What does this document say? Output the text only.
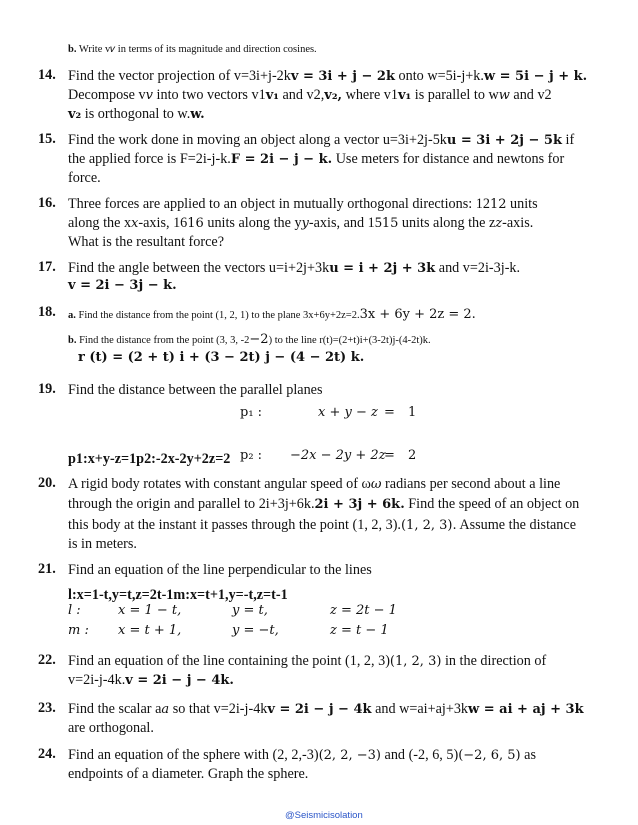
b. Write v𝑣 in terms of its magnitude and direction cosines.
14. Find the vector projection of v=3i+j-2kv = 3i + j − 2k onto w=5i-j+k.w = 5i − j + k.
Decompose vv into two vectors v1v₁ and v2,v₂, where v1v₁ is parallel to ww and v2
v₂ is orthogonal to w.w.
15. Find the work done in moving an object along a vector u=3i+2j-5ku = 3i + 2j − 5k if
the applied force is F=2i-j-k.F = 2i − j − k. Use meters for distance and newtons for
force.
16. Three forces are applied to an object in mutually orthogonal directions: 1212 units
along the xx-axis, 1616 units along the yy-axis, and 1515 units along the zz-axis.
What is the resultant force?
17. Find the angle between the vectors u=i+2j+3ku = i + 2j + 3k and v=2i-3j-k.
v = 2i − 3j − k.
18. a. Find the distance from the point (1, 2, 1) to the plane 3x+6y+2z=2.3x + 6y + 2z = 2.
b. Find the distance from the point (3, 3, -2−2) to the line r(t)=(2+t)i+(3-2t)j-(4-2t)k.
r (t) = (2 + t) i + (3 − 2t) j − (4 − 2t) k.
19. Find the distance between the parallel planes
p₁ :	x + y − z = 1
p1:x+y-z=1p2:-2x-2y+2z=2 p₂ : −2x − 2y + 2z
= 2
20. A rigid body rotates with constant angular speed of ωω radians per second about a line
through the origin and parallel to 2i+3j+6k.2i + 3j + 6k. Find the speed of an object on
this body at the instant it passes through the point (1, 2, 3).(1, 2, 3). Assume the distance
is in meters.
21. Find an equation of the line perpendicular to the lines
l:x=1-t,y=t,z=2t-1m:x=t+1,y=-t,z=t-1
l :	x = 1 − t,	y = t,	z = 2t − 1
m : x = t + 1,	y = −t,	z = t − 1
22. Find an equation of the line containing the point (1, 2, 3)(1, 2, 3) in the direction of
v=2i-j-4k.v = 2i − j − 4k.
23. Find the scalar aa so that v=2i-j-4kv = 2i − j − 4k and w=ai+aj+3kw = ai + aj + 3k
are orthogonal.
24. Find an equation of the sphere with (2, 2,-3)(2, 2, −3) and (-2, 6, 5)(−2, 6, 5) as
endpoints of a diameter. Graph the sphere.
@Seismicisolation
